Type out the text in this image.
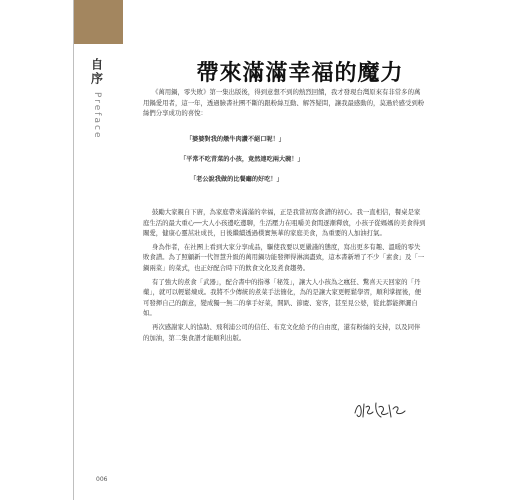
自序
Preface
帶來滿滿幸福的魔力

《萬用鍋，零失敗》第一集出版後，得到意想不到的熱烈回饋，我才發現台灣原來有非常多的萬用鍋愛用者，這一年，透過臉書社團不斷的跟粉絲互動、解答疑問，讓我最感動的，莫過於感受到粉絲們分享成功的喜悅：

「婆婆對我的燉牛肉讚不絕口呢！」

「平常不吃青菜的小孩，竟然連吃兩大碗！」

「老公說我做的比餐廳的好吃！」

鼓勵大家親自下廚，為家庭帶來滿滿的幸福，正是我當初寫食譜的初心。我一直相信，餐桌是家庭生活的最大重心──大人小孩邊吃邊聊，生活壓力在咀嚼美食間逐漸釋放，小孩子從媽媽的美食得到關愛，健康心靈茁壯成長，日後繼續透過樸實無華的家庭美食，為重要的人加油打氣。

身為作者，在社團上看到大家分享成品，驅使我要以更嚴謹的態度，寫出更多有趣、溫暖的零失敗食譜。為了照顧新一代智慧升級的萬用鍋功能發揮得淋漓盡致，這本書新增了不少「素食」及「一鍋兩菜」的菜式，也正好配合時下的飲食文化及煮食趨勢。

有了強大的煮食「武器」，配合書中的指導「秘笈」，讓大人小孩為之瘋狂、驚喜天天回家的「丹藥」，就可以輕鬆煉成。我將不少傳統的煮菜手法簡化，為的是讓大家更輕鬆學習，順利掌握後，便可發揮自己的創意，變成獨一無二的拿手好菜，開趴、節慶、宴客，甚至見公婆，從此都能揮灑自如。

再次感謝家人的協助、飛利浦公司的信任、布克文化給予的自由度，還有粉絲的支持，以及同伴的加油，第二集食譜才能順利出版。

006
